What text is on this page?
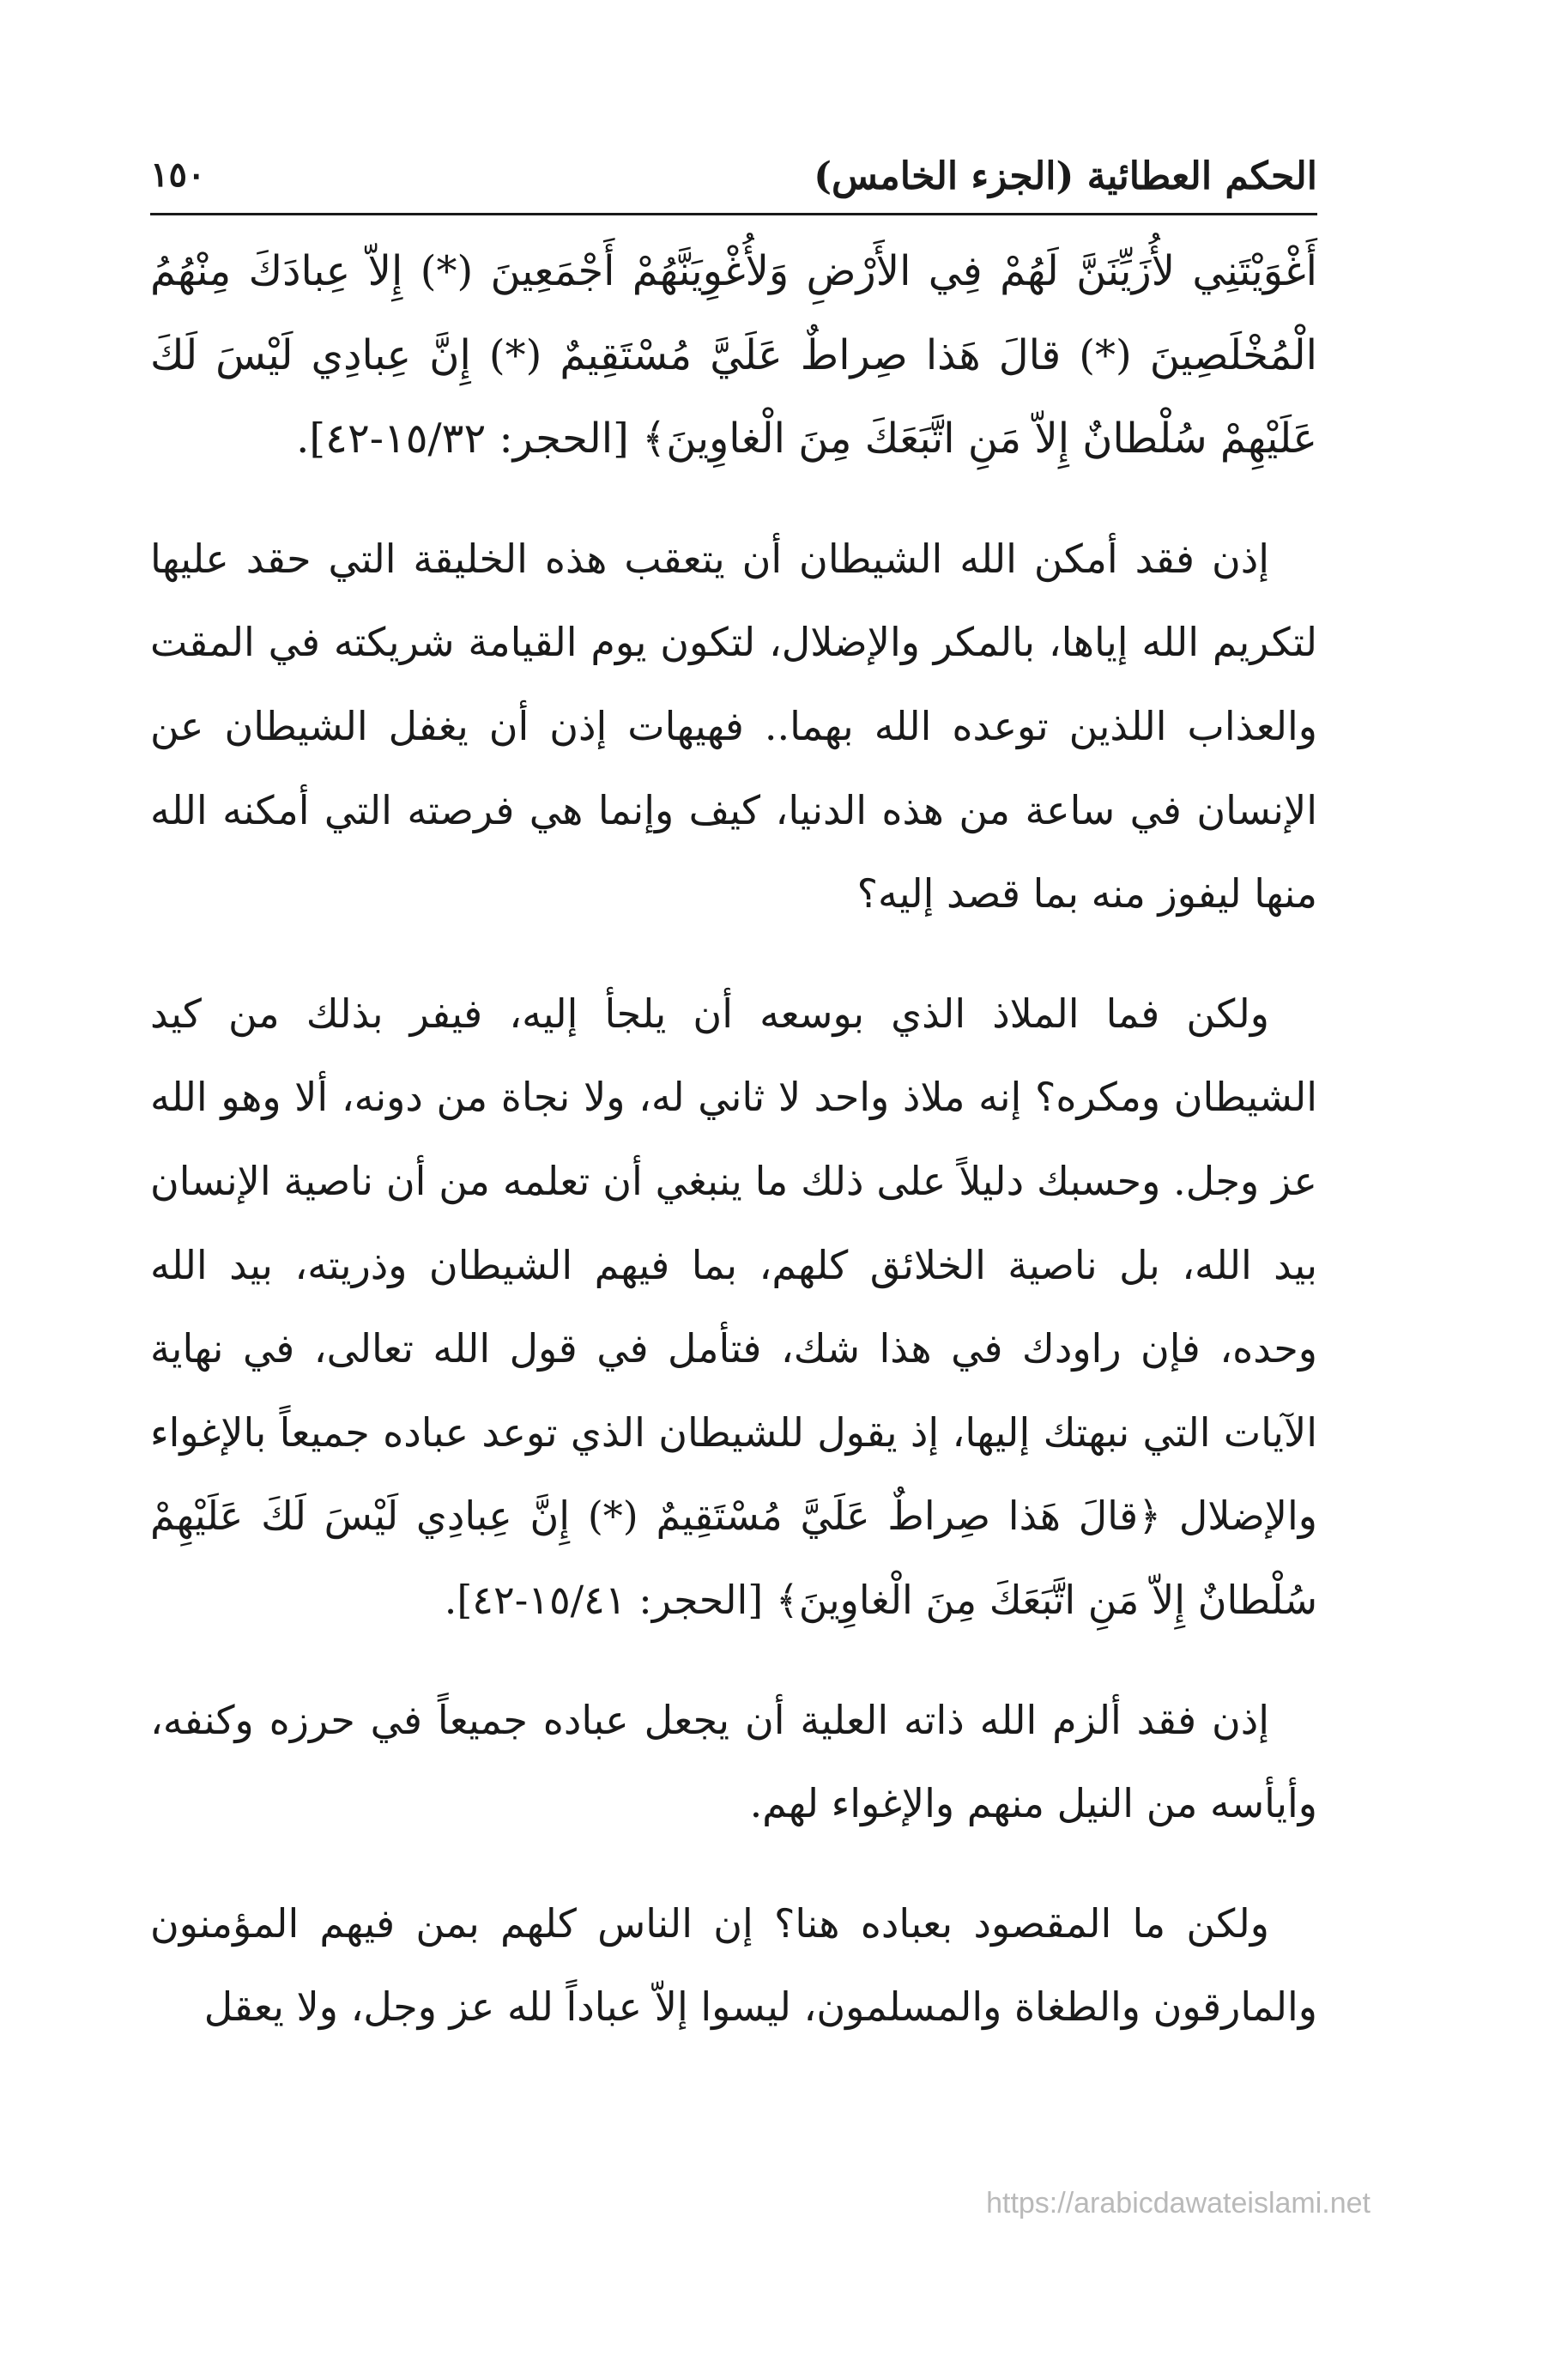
الحكم العطائية (الجزء الخامس)
١٥٠

أَغْوَيْتَنِي لأُزَيِّنَنَّ لَهُمْ فِي الأَرْضِ وَلأُغْوِيَنَّهُمْ أَجْمَعِينَ (*) إِلاّ عِبادَكَ مِنْهُمُ الْمُخْلَصِينَ (*) قالَ هَذا صِراطٌ عَلَيَّ مُسْتَقِيمٌ (*) إِنَّ عِبادِي لَيْسَ لَكَ عَلَيْهِمْ سُلْطانٌ إِلاّ مَنِ اتَّبَعَكَ مِنَ الْغاوِينَ﴾ [الحجر: ١٥/٣٢-٤٢].

إذن فقد أمكن الله الشيطان أن يتعقب هذه الخليقة التي حقد عليها لتكريم الله إياها، بالمكر والإضلال، لتكون يوم القيامة شريكته في المقت والعذاب اللذين توعده الله بهما.. فهيهات إذن أن يغفل الشيطان عن الإنسان في ساعة من هذه الدنيا، كيف وإنما هي فرصته التي أمكنه الله منها ليفوز منه بما قصد إليه؟

ولكن فما الملاذ الذي بوسعه أن يلجأ إليه، فيفر بذلك من كيد الشيطان ومكره؟ إنه ملاذ واحد لا ثاني له، ولا نجاة من دونه، ألا وهو الله عز وجل. وحسبك دليلاً على ذلك ما ينبغي أن تعلمه من أن ناصية الإنسان بيد الله، بل ناصية الخلائق كلهم، بما فيهم الشيطان وذريته، بيد الله وحده، فإن راودك في هذا شك، فتأمل في قول الله تعالى، في نهاية الآيات التي نبهتك إليها، إذ يقول للشيطان الذي توعد عباده جميعاً بالإغواء والإضلال ﴿قالَ هَذا صِراطٌ عَلَيَّ مُسْتَقِيمٌ (*) إِنَّ عِبادِي لَيْسَ لَكَ عَلَيْهِمْ سُلْطانٌ إِلاّ مَنِ اتَّبَعَكَ مِنَ الْغاوِينَ﴾ [الحجر: ١٥/٤١-٤٢].

إذن فقد ألزم الله ذاته العلية أن يجعل عباده جميعاً في حرزه وكنفه، وأيأسه من النيل منهم والإغواء لهم.

ولكن ما المقصود بعباده هنا؟ إن الناس كلهم بمن فيهم المؤمنون والمارقون والطغاة والمسلمون، ليسوا إلاّ عباداً لله عز وجل، ولا يعقل

https://arabicdawateislami.net
